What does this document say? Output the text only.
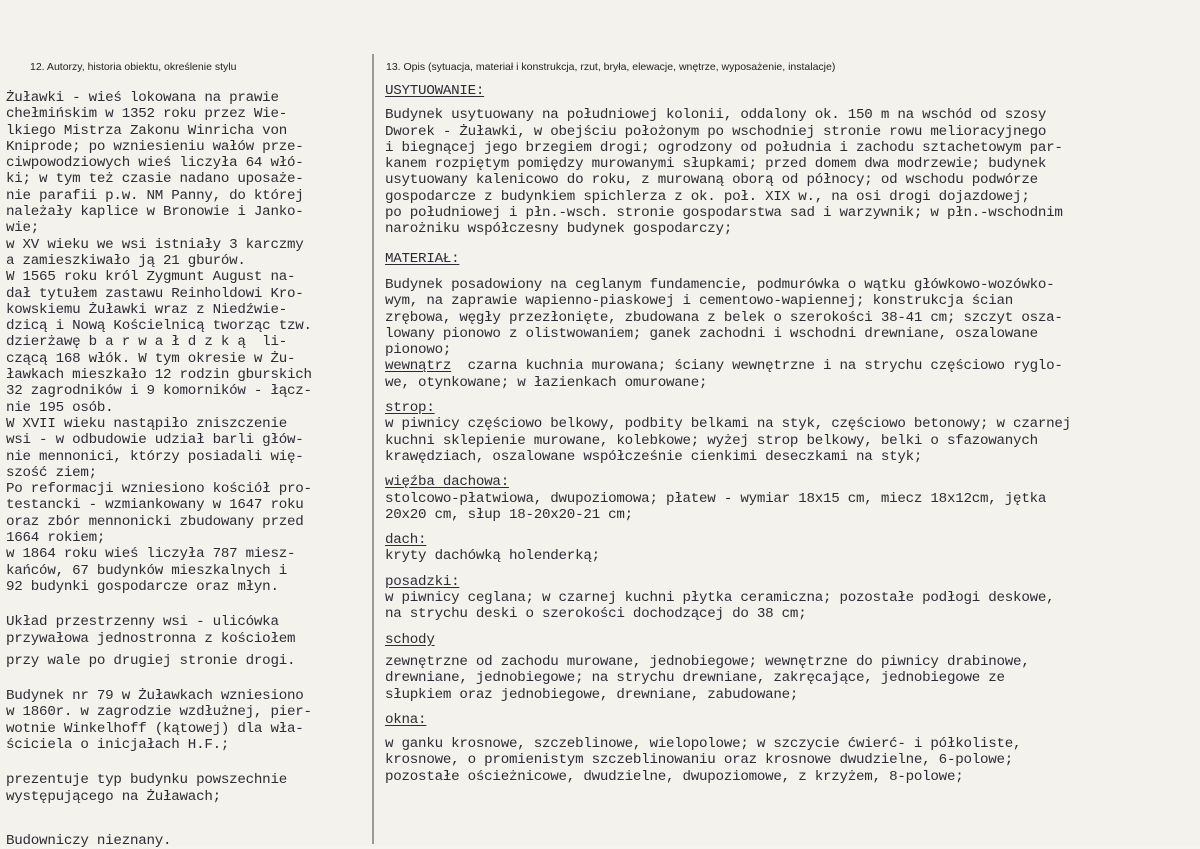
12. Autorzy, historia obiektu, określenie stylu	13. Opis (sytuacja, materiał i konstrukcja, rzut, bryła, elewacje, wnętrze, wyposażenie, instalacje)

Żuławki - wieś lokowana na prawie

chełmińskim w 1352 roku przez Wie-

lkiego Mistrza Zakonu Winricha von

Kniprode; po wzniesieniu wałów prze-

ciwpowodziowych wieś liczyła 64 włó-

ki; w tym też czasie nadano uposaże-

nie parafii p.w. NM Panny, do której

należały kaplice w Bronowie i Janko-

wie;

w XV wieku we wsi istniały 3 karczmy

a zamieszkiwało ją 21 gburów.

W 1565 roku król Zygmunt August na-

dał tytułem zastawu Reinholdowi Kro-

kowskiemu Żuławki wraz z Niedźwie-

dzicą i Nową Kościelnicą tworząc tzw.

dzierżawę b a r w a ł d z k ą  li-

czącą 168 włók. W tym okresie w Żu-

ławkach mieszkało 12 rodzin gburskich

32 zagrodników i 9 komorników - łącz-

nie 195 osób.

W XVII wieku nastąpiło zniszczenie

wsi - w odbudowie udział barli głów-

nie mennonici, którzy posiadali wię-

szość ziem;

Po reformacji wzniesiono kościół pro-

testancki - wzmiankowany w 1647 roku

oraz zbór mennonicki zbudowany przed

1664 rokiem;

w 1864 roku wieś liczyła 787 miesz-

kańców, 67 budynków mieszkalnych i

92 budynki gospodarcze oraz młyn.

Układ przestrzenny wsi - ulicówka

przywałowa jednostronna z kościołem

przy wale po drugiej stronie drogi.

Budynek nr 79 w Żuławkach wzniesiono

w 1860r. w zagrodzie wzdłużnej, pier-

wotnie Winkelhoff (kątowej) dla wła-

ściciela o inicjałach H.F.;

prezentuje typ budynku powszechnie

występującego na Żuławach;

Budowniczy nieznany.

USYTUOWANIE:

Budynek usytuowany na południowej kolonii, oddalony ok. 150 m na wschód od szosy

Dworek - Żuławki, w obejściu położonym po wschodniej stronie rowu melioracyjnego

i biegnącej jego brzegiem drogi; ogrodzony od południa i zachodu sztachetowym par-

kanem rozpiętym pomiędzy murowanymi słupkami; przed domem dwa modrzewie; budynek

usytuowany kalenicowo do roku, z murowaną oborą od północy; od wschodu podwórze

gospodarcze z budynkiem spichlerza z ok. poł. XIX w., na osi drogi dojazdowej;

po południowej i płn.-wsch. stronie gospodarstwa sad i warzywnik; w płn.-wschodnim

narożniku współczesny budynek gospodarczy;

MATERIAŁ:

Budynek posadowiony na ceglanym fundamencie, podmurówka o wątku główkowo-wozówko-

wym, na zaprawie wapienno-piaskowej i cementowo-wapiennej; konstrukcja ścian

zrębowa, węgły przezłonięte, zbudowana z belek o szerokości 38-41 cm; szczyt osza-

lowany pionowo z olistwowaniem; ganek zachodni i wschodni drewniane, oszalowane

pionowo;

wewnątrz  czarna kuchnia murowana; ściany wewnętrzne i na strychu częściowo ryglo-

we, otynkowane; w łazienkach omurowane;

strop:

w piwnicy częściowo belkowy, podbity belkami na styk, częściowo betonowy; w czarnej

kuchni sklepienie murowane, kolebkowe; wyżej strop belkowy, belki o sfazowanych

krawędziach, oszalowane współcześnie cienkimi deseczkami na styk;

więźba dachowa:

stolcowo-płatwiowa, dwupoziomowa; płatew - wymiar 18x15 cm, miecz 18x12cm, jętka

20x20 cm, słup 18-20x20-21 cm;

dach:

kryty dachówką holenderką;

posadzki:

w piwnicy ceglana; w czarnej kuchni płytka ceramiczna; pozostałe podłogi deskowe,

na strychu deski o szerokości dochodzącej do 38 cm;

schody

zewnętrzne od zachodu murowane, jednobiegowe; wewnętrzne do piwnicy drabinowe,

drewniane, jednobiegowe; na strychu drewniane, zakręcające, jednobiegowe ze

słupkiem oraz jednobiegowe, drewniane, zabudowane;

okna:

w ganku krosnowe, szczeblinowe, wielopolowe; w szczycie ćwierć- i półkoliste,

krosnowe, o promienistym szczeblinowaniu oraz krosnowe dwudzielne, 6-polowe;

pozostałe ościeżnicowe, dwudzielne, dwupoziomowe, z krzyżem, 8-polowe;
